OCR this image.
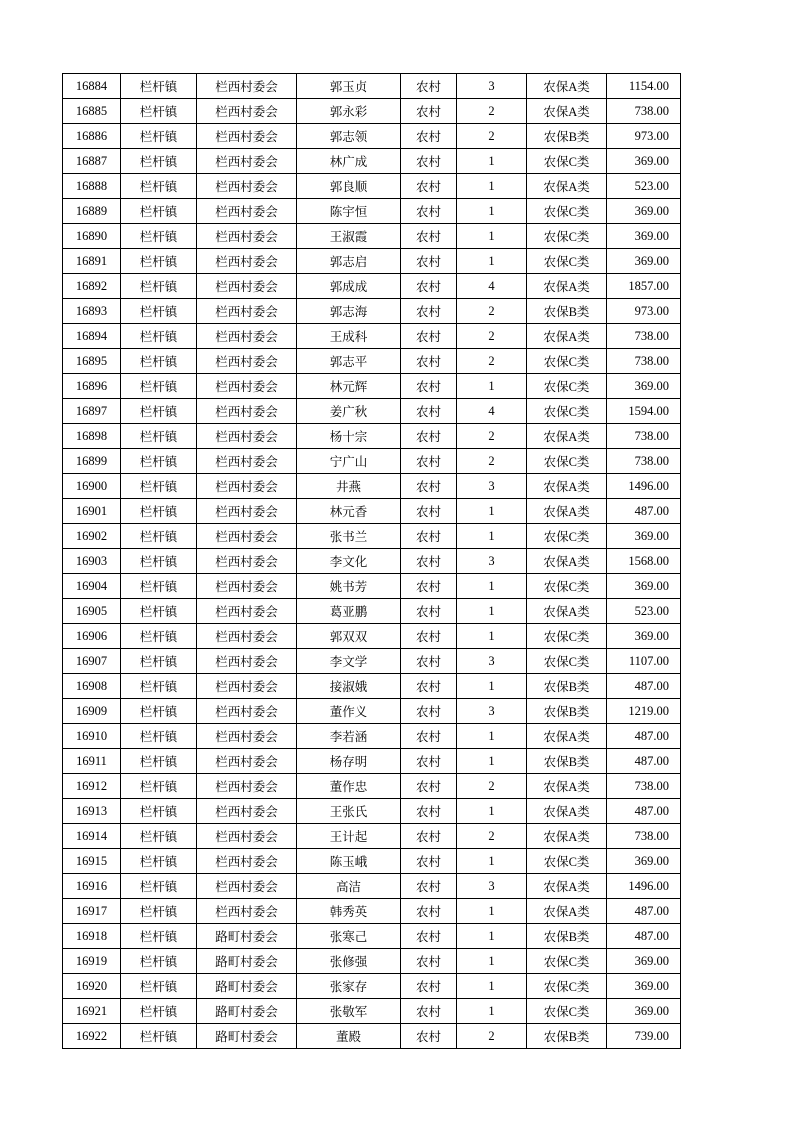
16884	栏杆镇	栏西村委会	郭玉贞	农村	3	农保A类	1154.00
16885	栏杆镇	栏西村委会	郭永彩	农村	2	农保A类	738.00
16886	栏杆镇	栏西村委会	郭志领	农村	2	农保B类	973.00
16887	栏杆镇	栏西村委会	林广成	农村	1	农保C类	369.00
16888	栏杆镇	栏西村委会	郭良顺	农村	1	农保A类	523.00
16889	栏杆镇	栏西村委会	陈宇恒	农村	1	农保C类	369.00
16890	栏杆镇	栏西村委会	王淑霞	农村	1	农保C类	369.00
16891	栏杆镇	栏西村委会	郭志启	农村	1	农保C类	369.00
16892	栏杆镇	栏西村委会	郭成成	农村	4	农保A类	1857.00
16893	栏杆镇	栏西村委会	郭志海	农村	2	农保B类	973.00
16894	栏杆镇	栏西村委会	王成科	农村	2	农保A类	738.00
16895	栏杆镇	栏西村委会	郭志平	农村	2	农保C类	738.00
16896	栏杆镇	栏西村委会	林元辉	农村	1	农保C类	369.00
16897	栏杆镇	栏西村委会	姜广秋	农村	4	农保C类	1594.00
16898	栏杆镇	栏西村委会	杨十宗	农村	2	农保A类	738.00
16899	栏杆镇	栏西村委会	宁广山	农村	2	农保C类	738.00
16900	栏杆镇	栏西村委会	井燕	农村	3	农保A类	1496.00
16901	栏杆镇	栏西村委会	林元香	农村	1	农保A类	487.00
16902	栏杆镇	栏西村委会	张书兰	农村	1	农保C类	369.00
16903	栏杆镇	栏西村委会	李文化	农村	3	农保A类	1568.00
16904	栏杆镇	栏西村委会	姚书芳	农村	1	农保C类	369.00
16905	栏杆镇	栏西村委会	葛亚鹏	农村	1	农保A类	523.00
16906	栏杆镇	栏西村委会	郭双双	农村	1	农保C类	369.00
16907	栏杆镇	栏西村委会	李文学	农村	3	农保C类	1107.00
16908	栏杆镇	栏西村委会	接淑娥	农村	1	农保B类	487.00
16909	栏杆镇	栏西村委会	董作义	农村	3	农保B类	1219.00
16910	栏杆镇	栏西村委会	李若涵	农村	1	农保A类	487.00
16911	栏杆镇	栏西村委会	杨存明	农村	1	农保B类	487.00
16912	栏杆镇	栏西村委会	董作忠	农村	2	农保A类	738.00
16913	栏杆镇	栏西村委会	王张氏	农村	1	农保A类	487.00
16914	栏杆镇	栏西村委会	王计起	农村	2	农保A类	738.00
16915	栏杆镇	栏西村委会	陈玉峨	农村	1	农保C类	369.00
16916	栏杆镇	栏西村委会	高洁	农村	3	农保A类	1496.00
16917	栏杆镇	栏西村委会	韩秀英	农村	1	农保A类	487.00
16918	栏杆镇	路町村委会	张寒己	农村	1	农保B类	487.00
16919	栏杆镇	路町村委会	张修强	农村	1	农保C类	369.00
16920	栏杆镇	路町村委会	张家存	农村	1	农保C类	369.00
16921	栏杆镇	路町村委会	张敬军	农村	1	农保C类	369.00
16922	栏杆镇	路町村委会	董殿	农村	2	农保B类	739.00
